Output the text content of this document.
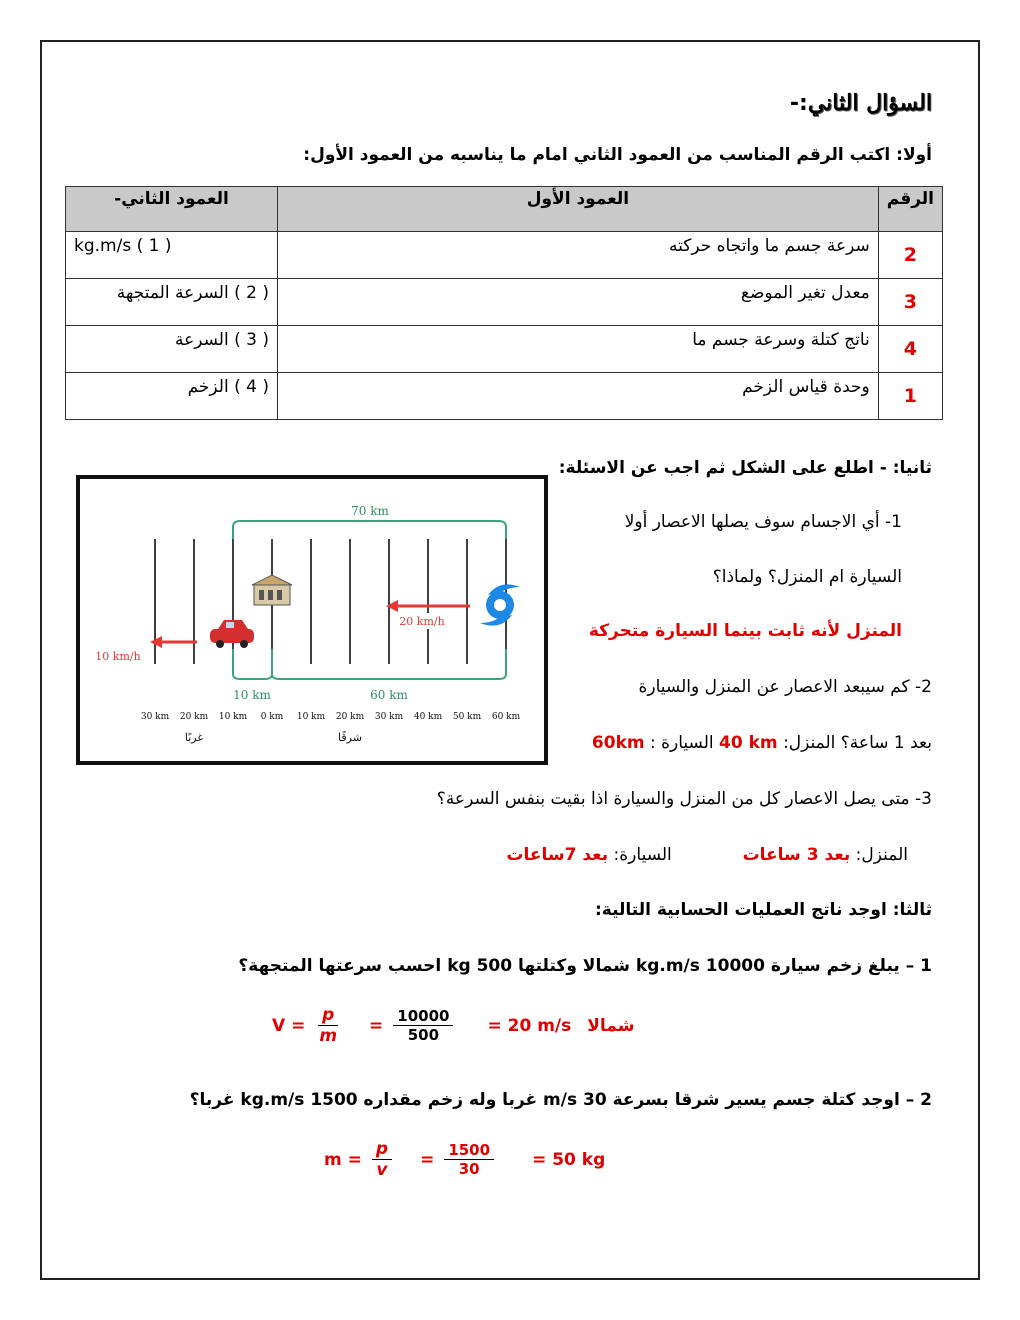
السؤال الثاني:-
أولا: اكتب الرقم المناسب من العمود الثاني امام ما يناسبه من العمود الأول:
الرقم	العمود الأول	العمود الثاني-
2	سرعة جسم ما واتجاه حركته	kg.m/s ( 1 )
3	معدل تغير الموضع	( 2 ) السرعة المتجهة
4	ناتج كتلة وسرعة جسم ما	( 3 ) السرعة
1	وحدة قياس الزخم	( 4 ) الزخم
ثانيا: - اطلع على الشكل ثم اجب عن الاسئلة:
70 km
10 km	60 km
10 km/h
20 km/h
30 km 20 km 10 km 0 km 10 km 20 km 30 km 40 km 50 km 60 km
غربًا	شرقًا
1- أي الاجسام سوف يصلها الاعصار أولا
السيارة ام المنزل؟ ولماذا؟
المنزل لأنه ثابت بينما السيارة متحركة
2- كم سيبعد الاعصار عن المنزل والسيارة
بعد 1 ساعة؟ المنزل: 40 km السيارة : 60km
3- متى يصل الاعصار كل من المنزل والسيارة اذا بقيت بنفس السرعة؟
المنزل: بعد 3 ساعات  السيارة: بعد 7ساعات
ثالثا: اوجد ناتج العمليات الحسابية التالية:
1 – يبلغ زخم سيارة 10000 kg.m/s شمالا وكتلتها 500 kg احسب سرعتها المتجهة؟
$V = \frac{p}{m} = \frac{10000}{500} = 20$ m/s شمالا
2 – اوجد كتلة جسم يسير شرقا بسرعة 30 m/s غربا وله زخم مقداره 1500 kg.m/s غربا؟
$m = \frac{p}{v} = \frac{1500}{30} = 50$ kg
